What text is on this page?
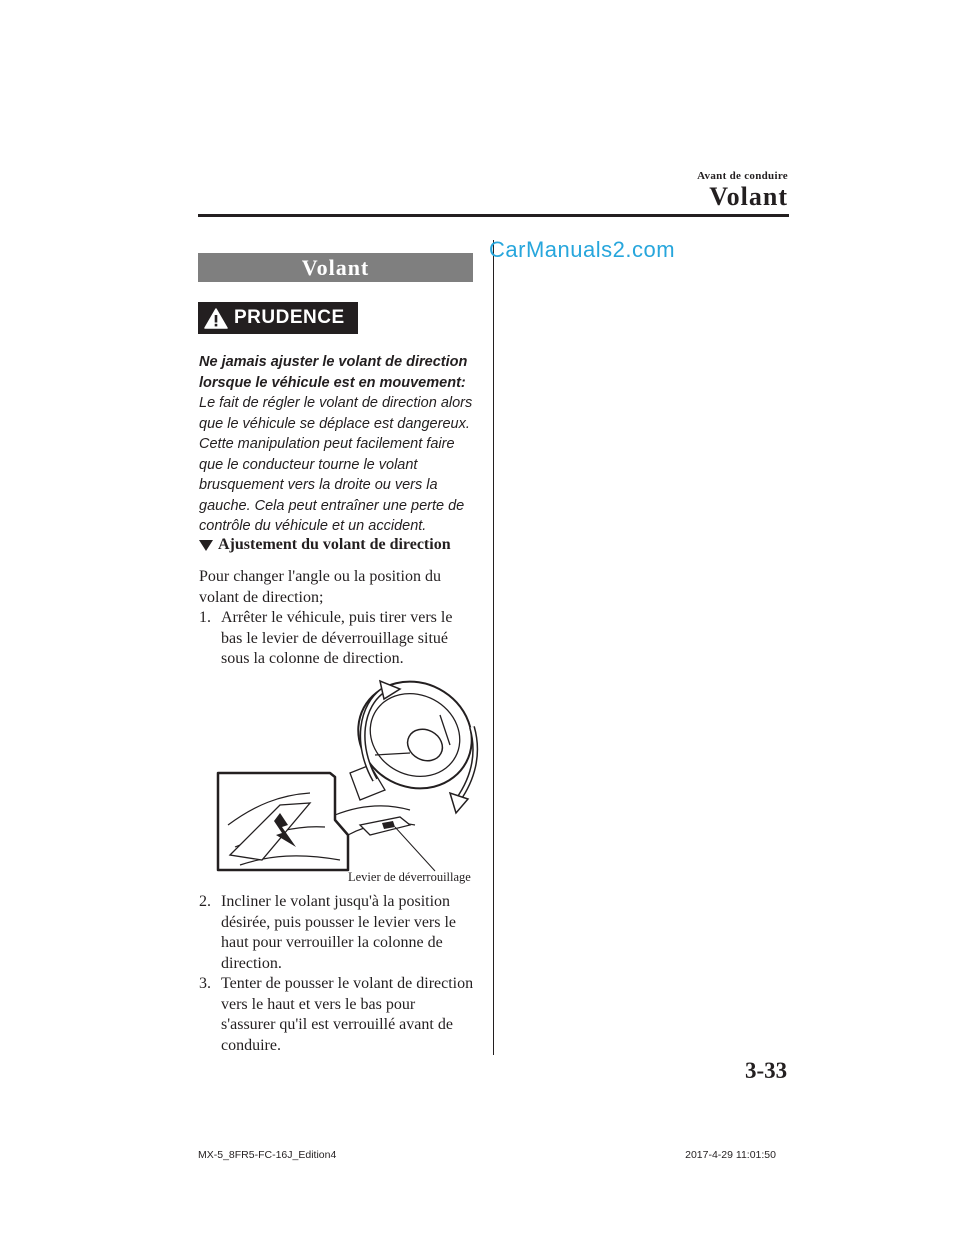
Avant de conduire
Volant
Volant
CarManuals2.com
PRUDENCE
Ne jamais ajuster le volant de direction
lorsque le véhicule est en mouvement:
Le fait de régler le volant de direction alors
que le véhicule se déplace est dangereux.
Cette manipulation peut facilement faire
que le conducteur tourne le volant
brusquement vers la droite ou vers la
gauche. Cela peut entraîner une perte de
contrôle du véhicule et un accident.
Ajustement du volant de direction
Pour changer l'angle ou la position du
volant de direction;
1. Arrêter le véhicule, puis tirer vers le
bas le levier de déverrouillage situé
sous la colonne de direction.
Levier de déverrouillage
2. Incliner le volant jusqu'à la position
désirée, puis pousser le levier vers le
haut pour verrouiller la colonne de
direction.
3. Tenter de pousser le volant de direction
vers le haut et vers le bas pour
s'assurer qu'il est verrouillé avant de
conduire.
3-33
MX-5_8FR5-FC-16J_Edition4	2017-4-29 11:01:50
